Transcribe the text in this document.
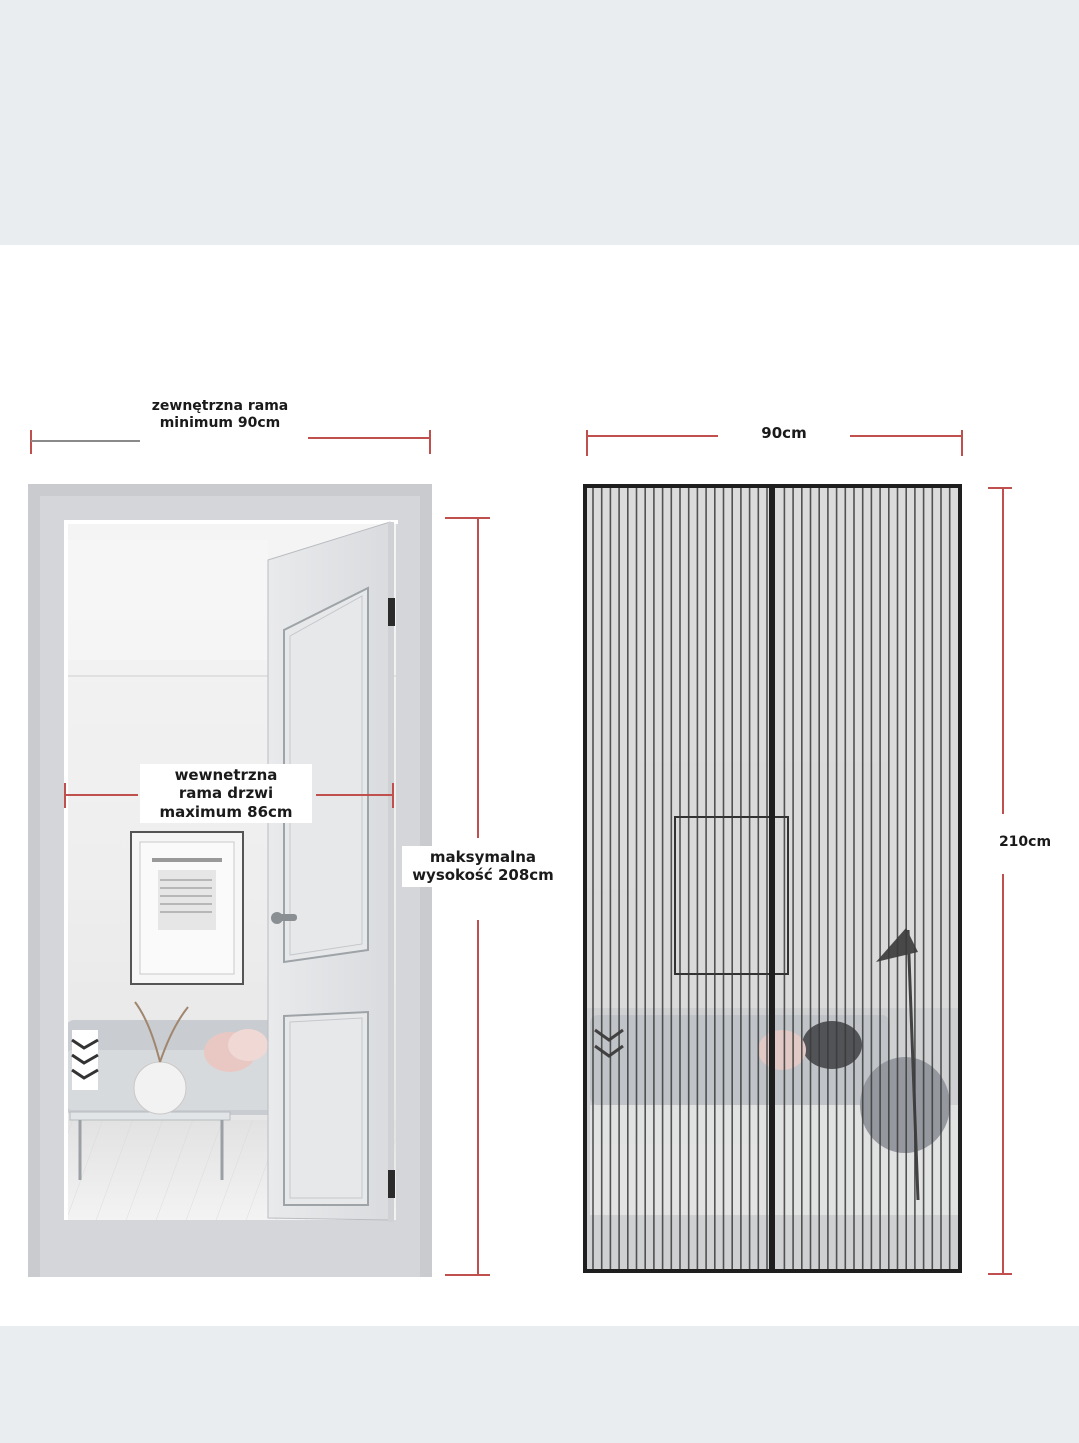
zewnętrzna rama
minimum 90cm
wewnetrzna
rama drzwi
maximum 86cm
maksymalna
wysokość 208cm
90cm
210cm
